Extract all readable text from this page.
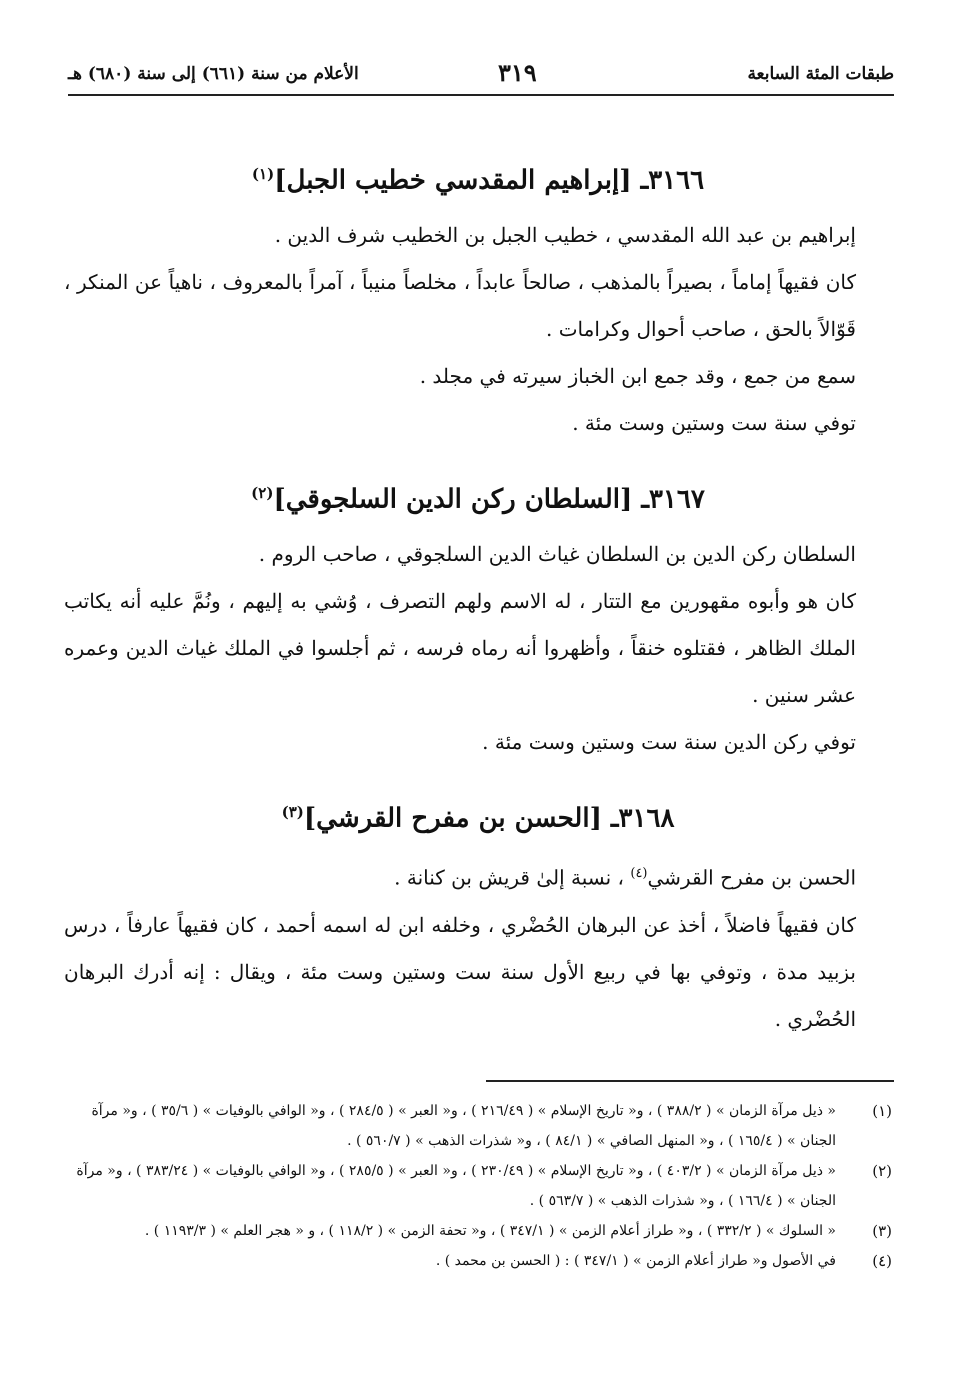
طبقات المئة السابعة
٣١٩
الأعلام من سنة (٦٦١) إلى سنة (٦٨٠) هـ
٣١٦٦ـ [إبراهيم المقدسي خطيب الجبل]$^{(١)}$

إبراهيم بن عبد الله المقدسي ، خطيب الجبل بن الخطيب شرف الدين .

كان فقيهاً إماماً ، بصيراً بالمذهب ، صالحاً عابداً ، مخلصاً منيباً ، آمراً بالمعروف ، ناهياً عن المنكر ، قَوّالاً بالحق ، صاحب أحوال وكرامات .

سمع من جمع ، وقد جمع ابن الخباز سيرته في مجلد .

توفي سنة ست وستين وست مئة .

٣١٦٧ـ [السلطان ركن الدين السلجوقي]$^{(٢)}$

السلطان ركن الدين بن السلطان غياث الدين السلجوقي ، صاحب الروم .

كان هو وأبوه مقهورين مع التتار ، له الاسم ولهم التصرف ، وُشي به إليهم ، ونُمَّ عليه أنه يكاتب الملك الظاهر ، فقتلوه خنقاً ، وأظهروا أنه رماه فرسه ، ثم أجلسوا في الملك غياث الدين وعمره عشر سنين .

توفي ركن الدين سنة ست وستين وست مئة .

٣١٦٨ـ [الحسن بن مفرح القرشي]$^{(٣)}$

الحسن بن مفرح القرشي$^{(٤)}$ ، نسبة إلىٰ قريش بن كنانة .

كان فقيهاً فاضلاً ، أخذ عن البرهان الحُضْري ، وخلفه ابن له اسمه أحمد ، كان فقيهاً عارفاً ، درس بزبيد مدة ، وتوفي بها في ربيع الأول سنة ست وستين وست مئة ، ويقال : إنه أدرك البرهان الحُضْري .

(١)
« ذيل مرآة الزمان » ( ٣٨٨/٢ ) ، و« تاريخ الإسلام » ( ٢١٦/٤٩ ) ، و« العبر » ( ٢٨٤/٥ ) ، و« الوافي بالوفيات » ( ٣٥/٦ ) ، و« مرآة الجنان » ( ١٦٥/٤ ) ، و« المنهل الصافي » ( ٨٤/١ ) ، و« شذرات الذهب » ( ٥٦٠/٧ ) .

(٢)
« ذيل مرآة الزمان » ( ٤٠٣/٢ ) ، و« تاريخ الإسلام » ( ٢٣٠/٤٩ ) ، و« العبر » ( ٢٨٥/٥ ) ، و« الوافي بالوفيات » ( ٣٨٣/٢٤ ) ، و« مرآة الجنان » ( ١٦٦/٤ ) ، و« شذرات الذهب » ( ٥٦٣/٧ ) .

(٣)
« السلوك » ( ٣٣٢/٢ ) ، و« طراز أعلام الزمن » ( ٣٤٧/١ ) ، و« تحفة الزمن » ( ١١٨/٢ ) ، و « هجر العلم » ( ١١٩٣/٣ ) .

(٤)
في الأصول و« طراز أعلام الزمن » ( ٣٤٧/١ ) : ( الحسن بن محمد ) .
